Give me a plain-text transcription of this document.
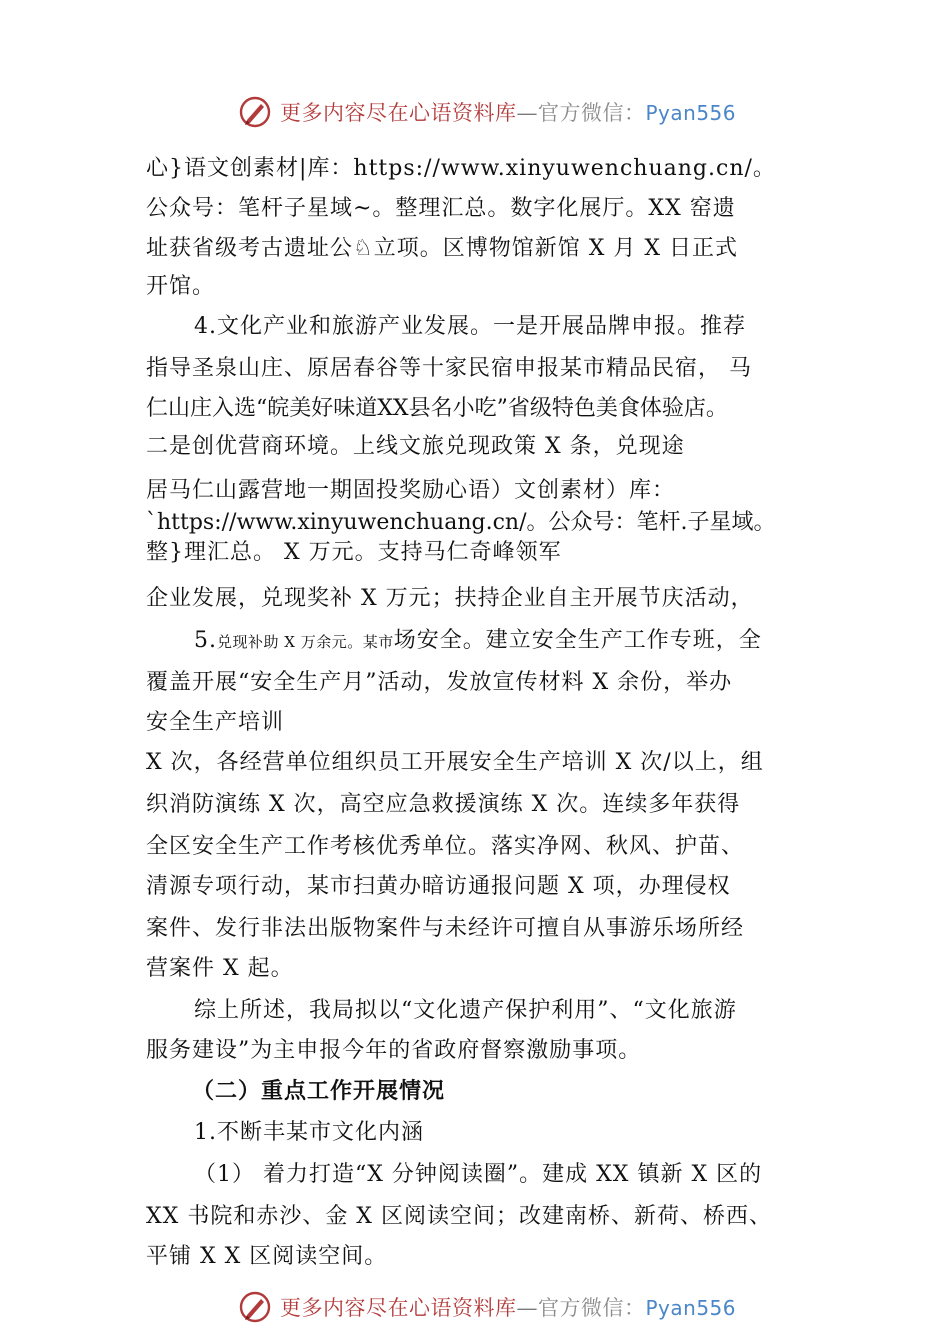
更多内容尽在心语资料库—官方微信：Pyan556
心}语文创素材|库：https://www.xinyuwenchuang.cn/。
公众号：笔杆子星域~。整理汇总。数字化展厅。XX 窑遗
址获省级考古遗址公♘立项。区博物馆新馆 X 月 X 日正式
开馆。
4.文化产业和旅游产业发展。一是开展品牌申报。推荐
指导圣泉山庄、原居春谷等十家民宿申报某市精品民宿， 马
仁山庄入选“皖美好味道XX县名小吃”省级特色美食体验店。
二是创优营商环境。上线文旅兑现政策 X 条，兑现途
居马仁山露营地一期固投奖励心语）文创素材）库：
`https://www.xinyuwenchuang.cn/。公众号：笔杆.子星域。
整}理汇总。 X 万元。支持马仁奇峰领军
企业发展，兑现奖补 X 万元；扶持企业自主开展节庆活动，
5.兑现补助 X 万余元。某市场安全。建立安全生产工作专班，全
覆盖开展“安全生产月”活动，发放宣传材料 X 余份，举办
安全生产培训
X 次，各经营单位组织员工开展安全生产培训 X 次/以上，组
织消防演练 X 次，高空应急救援演练 X 次。连续多年获得
全区安全生产工作考核优秀单位。落实净网、秋风、护苗、
清源专项行动，某市扫黄办暗访通报问题 X 项，办理侵权
案件、发行非法出版物案件与未经许可擅自从事游乐场所经
营案件 X 起。
综上所述，我局拟以“文化遗产保护利用”、“文化旅游
服务建设”为主申报今年的省政府督察激励事项。
（二）重点工作开展情况
1.不断丰某市文化内涵
（1） 着力打造“X 分钟阅读圈”。建成 XX 镇新 X 区的
XX 书院和赤沙、金 X 区阅读空间；改建南桥、新荷、桥西、
平铺 X X 区阅读空间。
更多内容尽在心语资料库—官方微信：Pyan556
